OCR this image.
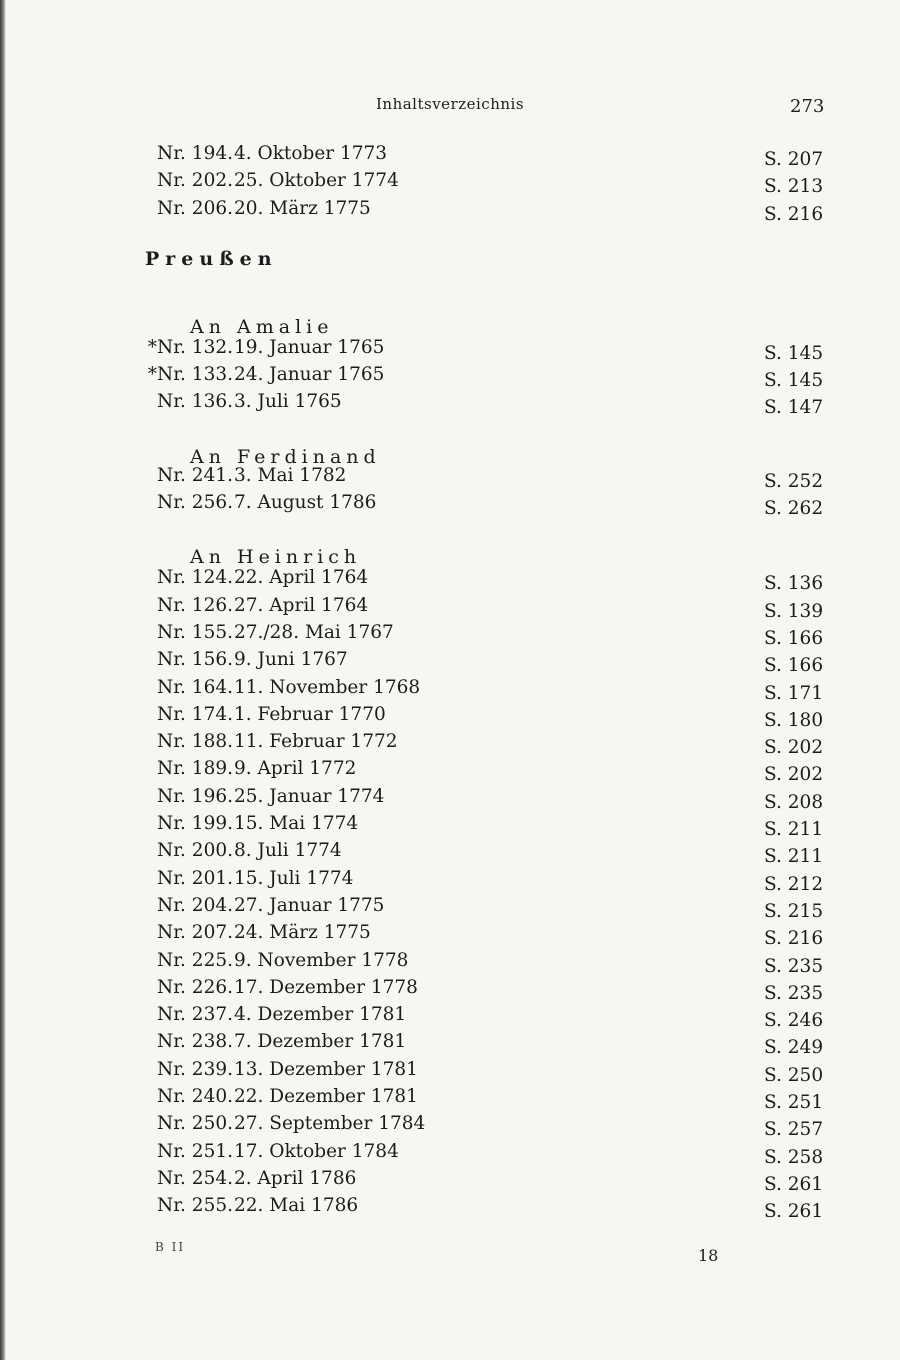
Inhaltsverzeichnis	273
Nr. 194. 4. Oktober 1773	S. 207
Nr. 202. 25. Oktober 1774	S. 213
Nr. 206. 20. März 1775	S. 216
Preußen
An Amalie
*Nr. 132. 19. Januar 1765	S. 145
*Nr. 133. 24. Januar 1765	S. 145
Nr. 136. 3. Juli 1765	S. 147
An Ferdinand
Nr. 241. 3. Mai 1782	S. 252
Nr. 256. 7. August 1786	S. 262
An Heinrich
Nr. 124. 22. April 1764	S. 136
Nr. 126. 27. April 1764	S. 139
Nr. 155. 27./28. Mai 1767	S. 166
Nr. 156. 9. Juni 1767	S. 166
Nr. 164. 11. November 1768	S. 171
Nr. 174. 1. Februar 1770	S. 180
Nr. 188. 11. Februar 1772	S. 202
Nr. 189. 9. April 1772	S. 202
Nr. 196. 25. Januar 1774	S. 208
Nr. 199. 15. Mai 1774	S. 211
Nr. 200. 8. Juli 1774	S. 211
Nr. 201. 15. Juli 1774	S. 212
Nr. 204. 27. Januar 1775	S. 215
Nr. 207. 24. März 1775	S. 216
Nr. 225. 9. November 1778	S. 235
Nr. 226. 17. Dezember 1778	S. 235
Nr. 237. 4. Dezember 1781	S. 246
Nr. 238. 7. Dezember 1781	S. 249
Nr. 239. 13. Dezember 1781	S. 250
Nr. 240. 22. Dezember 1781	S. 251
Nr. 250. 27. September 1784	S. 257
Nr. 251. 17. Oktober 1784	S. 258
Nr. 254. 2. April 1786	S. 261
Nr. 255. 22. Mai 1786	S. 261
B II	18
